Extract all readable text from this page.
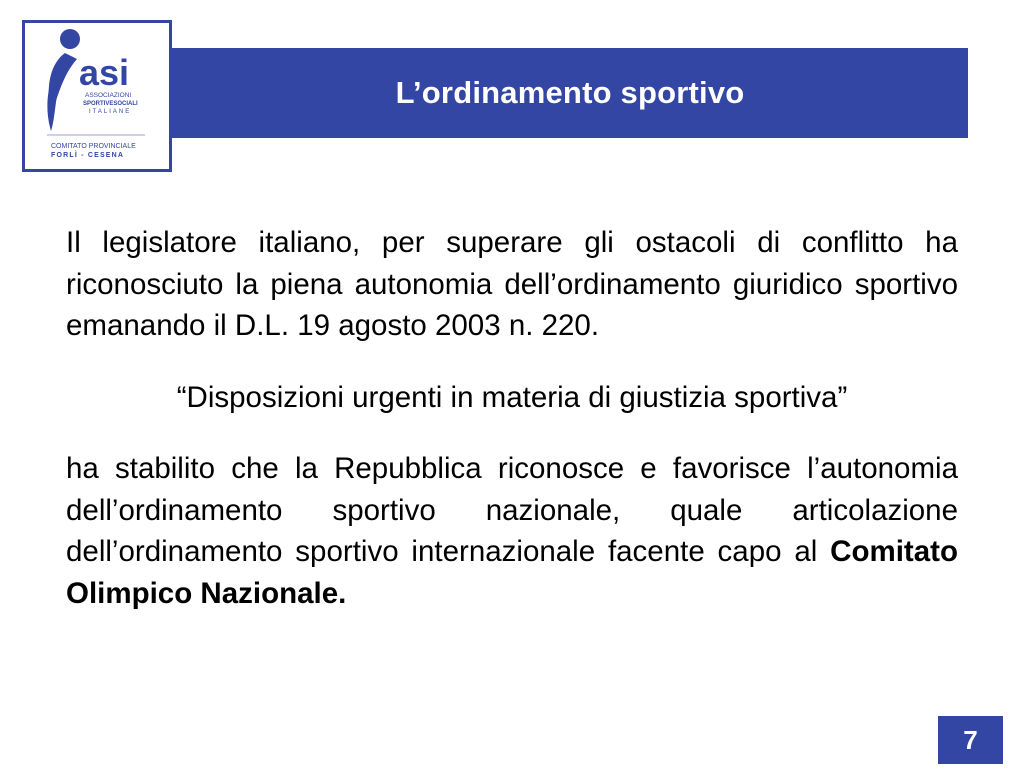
asi
ASSOCIAZIONI
SPORTIVESOCIALI
ITALIANE
COMITATO PROVINCIALE
FORLÌ - CESENA
L’ordinamento sportivo

Il legislatore italiano, per superare gli ostacoli di conflitto ha riconosciuto la piena autonomia dell’ordinamento giuridico sportivo emanando il D.L. 19 agosto 2003 n. 220.

“Disposizioni urgenti in materia di giustizia sportiva”

ha stabilito che la Repubblica riconosce e favorisce l’autonomia dell’ordinamento sportivo nazionale, quale articolazione dell’ordinamento sportivo internazionale facente capo al Comitato Olimpico Nazionale.

7
